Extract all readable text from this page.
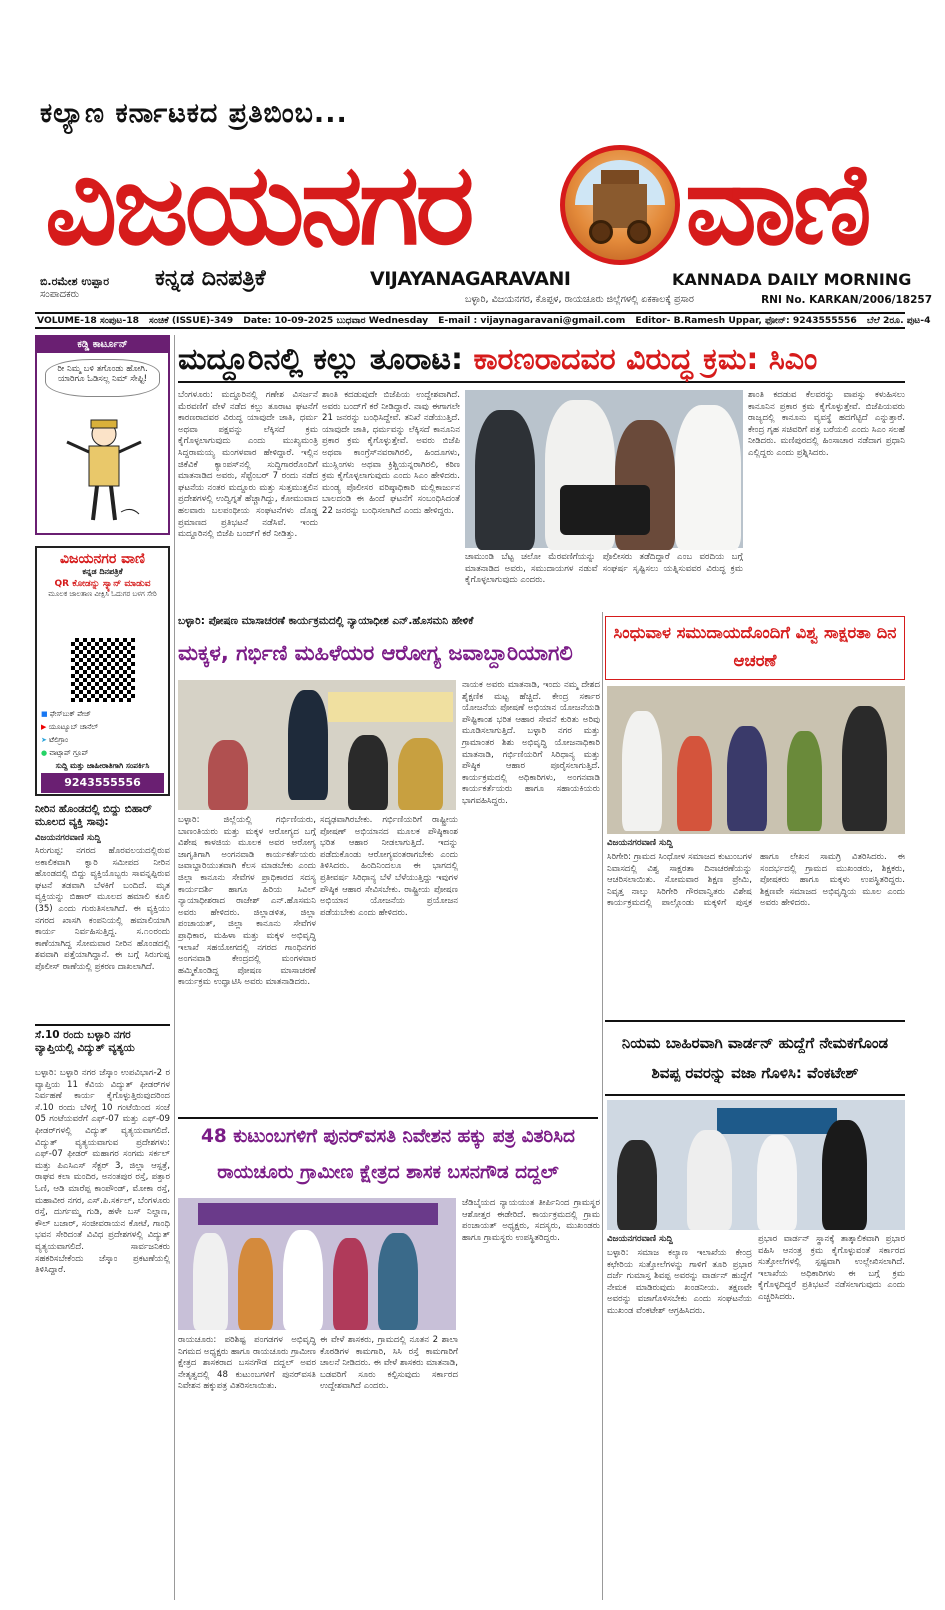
ಕಲ್ಯಾಣ ಕರ್ನಾಟಕದ ಪ್ರತಿಬಿಂಬ...
ವಿಜಯನಗರ ವಾಣಿ
ಬಿ.ರಮೇಶ ಉಪ್ಪಾರ
ಸಂಪಾದಕರು
ಕನ್ನಡ ದಿನಪತ್ರಿಕೆ	VIJAYANAGARAVANI	KANNADA DAILY MORNING
ಬಳ್ಳಾರಿ, ವಿಜಯನಗರ, ಕೊಪ್ಪಳ, ರಾಯಚೂರು ಜಿಲ್ಲೆಗಳಲ್ಲಿ ಏಕಕಾಲಕ್ಕೆ ಪ್ರಸಾರ	RNI No. KARKAN/2006/18257
VOLUME-18 ಸಂಪುಟ-18 ಸಂಚಿಕೆ (ISSUE)-349 Date: 10-09-2025 ಬುಧವಾರ Wednesday E-mail : vijaynagaravani@gmail.com Editor- B.Ramesh Uppar, ಫೋನ್: 9243555556 ಬೆಲೆ 2ರೂ. ಪುಟ-4
ಕಡ್ಡಿ ಕಾರ್ಟೂನ್
ರೀ ನಿಮ್ಮ ಬಳಿ ತಗೊಂಡು ಹೋಗಿ. ಯಾರಿಗೂ ಓಡಿಸಲ್ಲ ನಿಮ್ ಸೇಫ್ಟಿ!
ವಿಜಯನಗರ ವಾಣಿ
ಕನ್ನಡ ದಿನಪತ್ರಿಕೆ
QR ಕೋಡನ್ನು ಸ್ಕ್ಯಾನ್ ಮಾಡುವ
ಮೂಲಕ ಜಾಲತಾಣ ವೀಕ್ಷಿಸಿ ಓದುಗರ ಬಳಗ ಸೇರಿ
■ ಫೇಸ್‌ಬುಕ್ ಪೇಜ್
▶ ಯೂಟ್ಯೂಬ್ ಚಾನೆಲ್
➤ ಟೆಲಿಗ್ರಾಂ
● ವಾಟ್ಸಾಪ್ ಗ್ರೂಪ್
ಸುದ್ದಿ ಮತ್ತು ಜಾಹೀರಾತಿಗಾಗಿ ಸಂಪರ್ಕಿಸಿ
9243555556
ನೀರಿನ ಹೊಂಡದಲ್ಲಿ ಬಿದ್ದು ಬಿಹಾರ್ ಮೂಲದ ವ್ಯಕ್ತಿ ಸಾವು:
ವಿಜಯನಗರವಾಣಿ ಸುದ್ದಿ
ಸಿರುಗುಪ್ಪ: ನಗರದ ಹೊರವಲಯದಲ್ಲಿರುವ ಅಕಾಲಿಕವಾಗಿ ಕ್ವಾರಿ ಸಮೀಪದ ನೀರಿನ ಹೊಂಡದಲ್ಲಿ ಬಿದ್ದು ವ್ಯಕ್ತಿಯೊಬ್ಬರು ಸಾವನ್ನಪ್ಪಿರುವ ಘಟನೆ ತಡವಾಗಿ ಬೆಳಕಿಗೆ ಬಂದಿದೆ. ಮೃತ ವ್ಯಕ್ತಿಯನ್ನು ಬಿಹಾರ್ ಮೂಲದ ಹಮಾಲಿ ಕೂಲಿ (35) ಎಂದು ಗುರುತಿಸಲಾಗಿದೆ. ಈ ವ್ಯಕ್ತಿಯು ನಗರದ ಖಾಸಗಿ ಕಂಪನಿಯಲ್ಲಿ ಹಮಾಲಿಯಾಗಿ ಕಾರ್ಯ ನಿರ್ವಹಿಸುತ್ತಿದ್ದ. ಸ.೧೦ರಂದು ಕಾಣೆಯಾಗಿದ್ದ ಸೋಮವಾರ ನೀರಿನ ಹೊಂಡದಲ್ಲಿ ಶವವಾಗಿ ಪತ್ತೆಯಾಗಿದ್ದಾನೆ. ಈ ಬಗ್ಗೆ ಸಿರುಗುಪ್ಪ ಪೊಲೀಸ್ ಠಾಣೆಯಲ್ಲಿ ಪ್ರಕರಣ ದಾಖಲಾಗಿದೆ.
ಸೆ.10 ರಂದು ಬಳ್ಳಾರಿ ನಗರ ವ್ಯಾಪ್ತಿಯಲ್ಲಿ ವಿದ್ಯುತ್ ವ್ಯತ್ಯಯ
ಬಳ್ಳಾರಿ: ಬಳ್ಳಾರಿ ನಗರ ಜೆಸ್ಕಾಂ ಉಪವಿಭಾಗ-2 ರ ವ್ಯಾಪ್ತಿಯ 11 ಕೆವಿಯ ವಿದ್ಯುತ್ ಫೀಡರ್‌ಗಳ ನಿರ್ವಹಣೆ ಕಾರ್ಯ ಕೈಗೊಳ್ಳುತ್ತಿರುವುದರಿಂದ ಸೆ.10 ರಂದು ಬೆಳಿಗ್ಗೆ 10 ಗಂಟೆಯಿಂದ ಸಂಜೆ 05 ಗಂಟೆಯವರೆಗೆ ಎಫ್-07 ಮತ್ತು ಎಫ್-09 ಫೀಡರ್‌ಗಳಲ್ಲಿ ವಿದ್ಯುತ್ ವ್ಯತ್ಯಯವಾಗಲಿದೆ. ವಿದ್ಯುತ್ ವ್ಯತ್ಯಯವಾಗುವ ಪ್ರದೇಶಗಳು: ಎಫ್-07 ಫೀಡರ್ ಮಹಾಗರ ಸಂಗಮ ಸರ್ಕಲ್ ಮತ್ತು ಪಿಎಸಿಎಸ್ ಸೆಕ್ಟರ್ 3, ಜಿಲ್ಲಾ ಆಸ್ಪತ್ರೆ, ರಾಘವ ಕಲಾ ಮಂದಿರ, ಅನಂತಪುರ ರಸ್ತೆ, ಪತ್ತಾರ ಓಣಿ, ಆಡಿ ಮಾರೆಪ್ಪ ಕಾಂಪೌಂಡ್, ಮೋಕಾ ರಸ್ತೆ, ಮಹಾವೀರ ನಗರ, ಎಸ್.ಪಿ.ಸರ್ಕಲ್, ಬೆಂಗಳೂರು ರಸ್ತೆ, ದುರ್ಗಮ್ಮ ಗುಡಿ, ಹಳೇ ಬಸ್ ನಿಲ್ದಾಣ, ಕೌಲ್ ಬಜಾರ್, ಸಂಜೀವರಾಯನ ಕೋಟೆ, ಗಾಂಧಿ ಭವನ ಸೇರಿದಂತೆ ವಿವಿಧ ಪ್ರದೇಶಗಳಲ್ಲಿ ವಿದ್ಯುತ್ ವ್ಯತ್ಯಯವಾಗಲಿದೆ. ಸಾರ್ವಜನಿಕರು ಸಹಕರಿಸಬೇಕೆಂದು ಜೆಸ್ಕಾಂ ಪ್ರಕಟಣೆಯಲ್ಲಿ ತಿಳಿಸಿದ್ದಾರೆ.
ಮದ್ದೂರಿನಲ್ಲಿ ಕಲ್ಲು ತೂರಾಟ: ಕಾರಣರಾದವರ ವಿರುದ್ಧ ಕ್ರಮ: ಸಿಎಂ
ಬೆಂಗಳೂರು: ಮದ್ದೂರಿನಲ್ಲಿ ಗಣೇಶ ವಿಸರ್ಜನೆ ಮೆರವಣಿಗೆ ವೇಳೆ ನಡೆದ ಕಲ್ಲು ತೂರಾಟ ಘಟನೆಗೆ ಕಾರಣರಾದವರ ವಿರುದ್ಧ ಯಾವುದೇ ಜಾತಿ, ಧರ್ಮ ಅಥವಾ ಪಕ್ಷವನ್ನು ಲೆಕ್ಕಿಸದೆ ಕ್ರಮ ಕೈಗೊಳ್ಳಲಾಗುವುದು ಎಂದು ಮುಖ್ಯಮಂತ್ರಿ ಸಿದ್ದರಾಮಯ್ಯ ಮಂಗಳವಾರ ಹೇಳಿದ್ದಾರೆ. ಇಲ್ಲಿನ ಜಿಕೆವಿಕೆ ಕ್ಯಾಂಪಸ್‌ನಲ್ಲಿ ಸುದ್ದಿಗಾರರೊಂದಿಗೆ ಮಾತನಾಡಿದ ಅವರು, ಸೆಪ್ಟೆಂಬರ್ 7 ರಂದು ನಡೆದ ಘಟನೆಯ ನಂತರ ಮದ್ದೂರು ಮತ್ತು ಸುತ್ತಮುತ್ತಲಿನ ಪ್ರದೇಶಗಳಲ್ಲಿ ಉದ್ವಿಗ್ನತೆ ಹೆಚ್ಚಾಗಿದ್ದು, ಕೋಮುವಾದ ಹಲವಾರು ಬಲಪಂಥೀಯ ಸಂಘಟನೆಗಳು ದೊಡ್ಡ ಪ್ರಮಾಣದ ಪ್ರತಿಭಟನೆ ನಡೆಸಿವೆ. ಇಂದು ಮದ್ದೂರಿನಲ್ಲಿ ಬಿಜೆಪಿ ಬಂದ್‌ಗೆ ಕರೆ ನೀಡಿತ್ತು.
ಶಾಂತಿ ಕದಡುವುದೇ ಬಿಜೆಪಿಯ ಉದ್ದೇಶವಾಗಿದೆ. ಅವರು ಬಂದ್‌ಗೆ ಕರೆ ನೀಡಿದ್ದಾರೆ. ನಾವು ಈಗಾಗಲೇ 21 ಜನರನ್ನು ಬಂಧಿಸಿದ್ದೇವೆ. ತನಿಖೆ ನಡೆಯುತ್ತಿದೆ. ಯಾವುದೇ ಜಾತಿ, ಧರ್ಮವನ್ನು ಲೆಕ್ಕಿಸದೆ ಕಾನೂನಿನ ಪ್ರಕಾರ ಕ್ರಮ ಕೈಗೊಳ್ಳುತ್ತೇವೆ. ಅವರು ಬಿಜೆಪಿ ಅಥವಾ ಕಾಂಗ್ರೆಸ್‌ನವರಾಗಿರಲಿ, ಹಿಂದೂಗಳು, ಮುಸ್ಲಿಂಗಳು ಅಥವಾ ಕ್ರಿಶ್ಚಿಯನ್ನರಾಗಿರಲಿ, ಕಠಿಣ ಕ್ರಮ ಕೈಗೊಳ್ಳಲಾಗುವುದು ಎಂದು ಸಿಎಂ ಹೇಳಿದರು. ಮಂಡ್ಯ ಪೊಲೀಸರ ವರಿಷ್ಠಾಧಿಕಾರಿ ಮಲ್ಲಿಕಾರ್ಜುನ ಬಾಲದಂಡಿ ಈ ಹಿಂದೆ ಘಟನೆಗೆ ಸಂಬಂಧಿಸಿದಂತೆ 22 ಜನರನ್ನು ಬಂಧಿಸಲಾಗಿದೆ ಎಂದು ಹೇಳಿದ್ದರು.
ಚಾಮುಂಡಿ ಬೆಟ್ಟ ಚಲೋ ಮೆರವಣಿಗೆಯನ್ನು ಪೊಲೀಸರು ತಡೆದಿದ್ದಾರೆ ಎಂಬ ವರದಿಯ ಬಗ್ಗೆ ಮಾತನಾಡಿದ ಅವರು, ಸಮುದಾಯಗಳ ನಡುವೆ ಸಂಘರ್ಷ ಸೃಷ್ಟಿಸಲು ಯತ್ನಿಸುವವರ ವಿರುದ್ಧ ಕ್ರಮ ಕೈಗೊಳ್ಳಲಾಗುವುದು ಎಂದರು.
ಶಾಂತಿ ಕದಡುವ ಕೆಲವರನ್ನು ವಾಪಸ್ಸು ಕಳುಹಿಸಲು ಕಾನೂನಿನ ಪ್ರಕಾರ ಕ್ರಮ ಕೈಗೊಳ್ಳುತ್ತೇವೆ. ಬಿಜೆಪಿಯವರು ರಾಜ್ಯದಲ್ಲಿ ಕಾನೂನು ವ್ಯವಸ್ಥೆ ಹದಗೆಟ್ಟಿದೆ ಎನ್ನುತ್ತಾರೆ. ಕೇಂದ್ರ ಗೃಹ ಸಚಿವರಿಗೆ ಪತ್ರ ಬರೆಯಲಿ ಎಂದು ಸಿಎಂ ಸಲಹೆ ನೀಡಿದರು. ಮಣಿಪುರದಲ್ಲಿ ಹಿಂಸಾಚಾರ ನಡೆದಾಗ ಪ್ರಧಾನಿ ಎಲ್ಲಿದ್ದರು ಎಂದು ಪ್ರಶ್ನಿಸಿದರು.
ಬಳ್ಳಾರಿ: ಪೋಷಣ ಮಾಸಾಚರಣೆ ಕಾರ್ಯಕ್ರಮದಲ್ಲಿ ನ್ಯಾಯಾಧೀಶ ಎನ್.ಹೊಸಮನಿ ಹೇಳಿಕೆ
ಮಕ್ಕಳ, ಗರ್ಭಿಣಿ ಮಹಿಳೆಯರ ಆರೋಗ್ಯ ಜವಾಬ್ದಾರಿಯಾಗಲಿ
ಬಳ್ಳಾರಿ: ಜಿಲ್ಲೆಯಲ್ಲಿ ಗರ್ಭಿಣಿಯರು, ಬಾಣಂತಿಯರು ಮತ್ತು ಮಕ್ಕಳ ಆರೋಗ್ಯದ ಬಗ್ಗೆ ವಿಶೇಷ ಕಾಳಜಿಯ ಮೂಲಕ ಅವರ ಆರೋಗ್ಯ ಜಾಗೃತಿಗಾಗಿ ಅಂಗನವಾಡಿ ಕಾರ್ಯಕರ್ತೆಯರು ಜವಾಬ್ದಾರಿಯುತವಾಗಿ ಕೆಲಸ ಮಾಡಬೇಕು ಎಂದು ಜಿಲ್ಲಾ ಕಾನೂನು ಸೇವೆಗಳ ಪ್ರಾಧಿಕಾರದ ಸದಸ್ಯ ಕಾರ್ಯದರ್ಶಿ ಹಾಗೂ ಹಿರಿಯ ಸಿವಿಲ್ ನ್ಯಾಯಾಧೀಶರಾದ ರಾಜೇಶ್ ಎನ್.ಹೊಸಮನಿ ಅವರು ಹೇಳಿದರು. ಜಿಲ್ಲಾಡಳಿತ, ಜಿಲ್ಲಾ ಪಂಚಾಯತ್, ಜಿಲ್ಲಾ ಕಾನೂನು ಸೇವೆಗಳ ಪ್ರಾಧಿಕಾರ, ಮಹಿಳಾ ಮತ್ತು ಮಕ್ಕಳ ಅಭಿವೃದ್ಧಿ ಇಲಾಖೆ ಸಹಯೋಗದಲ್ಲಿ ನಗರದ ಗಾಂಧಿನಗರ ಅಂಗನವಾಡಿ ಕೇಂದ್ರದಲ್ಲಿ ಮಂಗಳವಾರ ಹಮ್ಮಿಕೊಂಡಿದ್ದ ಪೋಷಣ ಮಾಸಾಚರಣೆ ಕಾರ್ಯಕ್ರಮ ಉದ್ಘಾಟಿಸಿ ಅವರು ಮಾತನಾಡಿದರು.
ಸದೃಢವಾಗಿರಬೇಕು. ಗರ್ಭಿಣಿಯರಿಗೆ ರಾಷ್ಟ್ರೀಯ ಪೋಷಣ್ ಅಭಿಯಾನದ ಮೂಲಕ ಪೌಷ್ಠಿಕಾಂಶ ಭರಿತ ಆಹಾರ ನೀಡಲಾಗುತ್ತಿದೆ. ಇದನ್ನು ಪಡೆದುಕೊಂಡು ಆರೋಗ್ಯವಂತರಾಗಬೇಕು ಎಂದು ತಿಳಿಸಿದರು. ಹಿಂದಿನಿಂದಲೂ ಈ ಭಾಗದಲ್ಲಿ ಪ್ರತೀವರ್ಷ ಸಿರಿಧಾನ್ಯ ಬೆಳೆ ಬೆಳೆಯುತ್ತಿದ್ದು ಇವುಗಳ ಪೌಷ್ಠಿಕ ಆಹಾರ ಸೇವಿಸಬೇಕು. ರಾಷ್ಟ್ರೀಯ ಪೋಷಣ ಅಭಿಯಾನ ಯೋಜನೆಯ ಪ್ರಯೋಜನ ಪಡೆಯಬೇಕು ಎಂದು ಹೇಳಿದರು.
ನಾಯಕ ಅವರು ಮಾತನಾಡಿ, ಇಂದು ನಮ್ಮ ದೇಶದ ಶೈಕ್ಷಣಿಕ ಮಟ್ಟ ಹೆಚ್ಚಿದೆ. ಕೇಂದ್ರ ಸರ್ಕಾರ ಯೋಜನೆಯ ಪೋಷಣೆ ಅಭಿಯಾನ ಯೋಜನೆಯಡಿ ಪೌಷ್ಟಿಕಾಂಶ ಭರಿತ ಆಹಾರ ಸೇವನೆ ಕುರಿತು ಅರಿವು ಮೂಡಿಸಲಾಗುತ್ತಿದೆ. ಬಳ್ಳಾರಿ ನಗರ ಮತ್ತು ಗ್ರಾಮಾಂತರ ಶಿಶು ಅಭಿವೃದ್ಧಿ ಯೋಜನಾಧಿಕಾರಿ ಮಾತನಾಡಿ, ಗರ್ಭಿಣಿಯರಿಗೆ ಸಿರಿಧಾನ್ಯ ಮತ್ತು ಪೌಷ್ಠಿಕ ಆಹಾರ ಪೂರೈಸಲಾಗುತ್ತಿದೆ. ಕಾರ್ಯಕ್ರಮದಲ್ಲಿ ಅಧಿಕಾರಿಗಳು, ಅಂಗನವಾಡಿ ಕಾರ್ಯಕರ್ತೆಯರು ಹಾಗೂ ಸಹಾಯಕಿಯರು ಭಾಗವಹಿಸಿದ್ದರು.
ಸಿಂಧುವಾಳ ಸಮುದಾಯದೊಂದಿಗೆ ವಿಶ್ವ ಸಾಕ್ಷರತಾ ದಿನ ಆಚರಣೆ
ವಿಜಯನಗರವಾಣಿ ಸುದ್ದಿ
ಸಿರಿಗೇರಿ: ಗ್ರಾಮದ ಸಿಂಧೋಳ ಸಮಾಜದ ಕುಟುಂಬಗಳ ನಿವಾಸದಲ್ಲಿ ವಿಶ್ವ ಸಾಕ್ಷರತಾ ದಿನಾಚರಣೆಯನ್ನು ಆಚರಿಸಲಾಯಿತು. ಸೋಮವಾರ ಶಿಕ್ಷಣ ಪ್ರೇಮಿ, ನಿವೃತ್ತ ನಾಲ್ಕು ಸಿರಿಗೇರಿ ಗೌರವಾನ್ವಿತರು ವಿಶೇಷ ಕಾರ್ಯಕ್ರಮದಲ್ಲಿ ಪಾಲ್ಗೊಂಡು ಮಕ್ಕಳಿಗೆ ಪುಸ್ತಕ ಹಾಗೂ ಲೇಖನ ಸಾಮಗ್ರಿ ವಿತರಿಸಿದರು. ಈ ಸಂದರ್ಭದಲ್ಲಿ ಗ್ರಾಮದ ಮುಖಂಡರು, ಶಿಕ್ಷಕರು, ಪೋಷಕರು ಹಾಗೂ ಮಕ್ಕಳು ಉಪಸ್ಥಿತರಿದ್ದರು. ಶಿಕ್ಷಣವೇ ಸಮಾಜದ ಅಭಿವೃದ್ಧಿಯ ಮೂಲ ಎಂದು ಅವರು ಹೇಳಿದರು.
ನಿಯಮ ಬಾಹಿರವಾಗಿ ವಾರ್ಡನ್ ಹುದ್ದೆಗೆ ನೇಮಕಗೊಂಡ ಶಿವಪ್ಪ ರವರನ್ನು ವಜಾ ಗೊಳಿಸಿ: ವೆಂಕಟೇಶ್
ವಿಜಯನಗರವಾಣಿ ಸುದ್ದಿ
ಬಳ್ಳಾರಿ: ಸಮಾಜ ಕಲ್ಯಾಣ ಇಲಾಖೆಯ ಕೇಂದ್ರ ಕಛೇರಿಯ ಸುತ್ತೋಲೆಗಳನ್ನು ಗಾಳಿಗೆ ತೂರಿ ಪ್ರಭಾರ ದರ್ಜೆ ಗುಮಾಸ್ತ ಶಿವಪ್ಪ ಅವರನ್ನು ವಾರ್ಡನ್ ಹುದ್ದೆಗೆ ನೇಮಕ ಮಾಡಿರುವುದು ಖಂಡನೀಯ. ತಕ್ಷಣವೇ ಅವರನ್ನು ವಜಾಗೊಳಿಸಬೇಕು ಎಂದು ಸಂಘಟನೆಯ ಮುಖಂಡ ವೆಂಕಟೇಶ್ ಆಗ್ರಹಿಸಿದರು.
ಪ್ರಭಾರ ವಾರ್ಡನ್ ಸ್ಥಾನಕ್ಕೆ ತಾತ್ಕಾಲಿಕವಾಗಿ ಪ್ರಭಾರ ವಹಿಸಿ ಆನಂತ್ರ ಕ್ರಮ ಕೈಗೊಳ್ಳುವಂತೆ ಸರ್ಕಾರದ ಸುತ್ತೋಲೆಗಳಲ್ಲಿ ಸ್ಪಷ್ಟವಾಗಿ ಉಲ್ಲೇಖಿಸಲಾಗಿದೆ. ಇಲಾಖೆಯ ಅಧಿಕಾರಿಗಳು ಈ ಬಗ್ಗೆ ಕ್ರಮ ಕೈಗೊಳ್ಳದಿದ್ದರೆ ಪ್ರತಿಭಟನೆ ನಡೆಸಲಾಗುವುದು ಎಂದು ಎಚ್ಚರಿಸಿದರು.
48 ಕುಟುಂಬಗಳಿಗೆ ಪುನರ್‌ವಸತಿ ನಿವೇಶನ ಹಕ್ಕು ಪತ್ರ ವಿತರಿಸಿದ ರಾಯಚೂರು ಗ್ರಾಮೀಣ ಕ್ಷೇತ್ರದ ಶಾಸಕ ಬಸನಗೌಡ ದದ್ದಲ್
ರಾಯಚೂರು: ಪರಿಶಿಷ್ಟ ಪಂಗಡಗಳ ಅಭಿವೃದ್ಧಿ ನಿಗಮದ ಅಧ್ಯಕ್ಷರು ಹಾಗೂ ರಾಯಚೂರು ಗ್ರಾಮೀಣ ಕ್ಷೇತ್ರದ ಶಾಸಕರಾದ ಬಸನಗೌಡ ದದ್ದಲ್ ಅವರ ನೇತೃತ್ವದಲ್ಲಿ 48 ಕುಟುಂಬಗಳಿಗೆ ಪುನರ್‌ವಸತಿ ನಿವೇಶನ ಹಕ್ಕುಪತ್ರ ವಿತರಿಸಲಾಯಿತು.
ಈ ವೇಳೆ ಶಾಸಕರು, ಗ್ರಾಮದಲ್ಲಿ ನೂತನ 2 ಶಾಲಾ ಕೊಠಡಿಗಳ ಕಾಮಗಾರಿ, ಸಿಸಿ ರಸ್ತೆ ಕಾಮಗಾರಿಗೆ ಚಾಲನೆ ನೀಡಿದರು. ಈ ವೇಳೆ ಶಾಸಕರು ಮಾತನಾಡಿ, ಬಡವರಿಗೆ ಸೂರು ಕಲ್ಪಿಸುವುದು ಸರ್ಕಾರದ ಉದ್ದೇಶವಾಗಿದೆ ಎಂದರು.
ಜೆಡಿಬೈಯದ ನ್ಯಾಯಯುತ ತೀರ್ಪಿನಿಂದ ಗ್ರಾಮಸ್ಥರ ಆಶೋತ್ತರ ಈಡೇರಿದೆ. ಕಾರ್ಯಕ್ರಮದಲ್ಲಿ ಗ್ರಾಮ ಪಂಚಾಯತ್ ಅಧ್ಯಕ್ಷರು, ಸದಸ್ಯರು, ಮುಖಂಡರು ಹಾಗೂ ಗ್ರಾಮಸ್ಥರು ಉಪಸ್ಥಿತರಿದ್ದರು.
